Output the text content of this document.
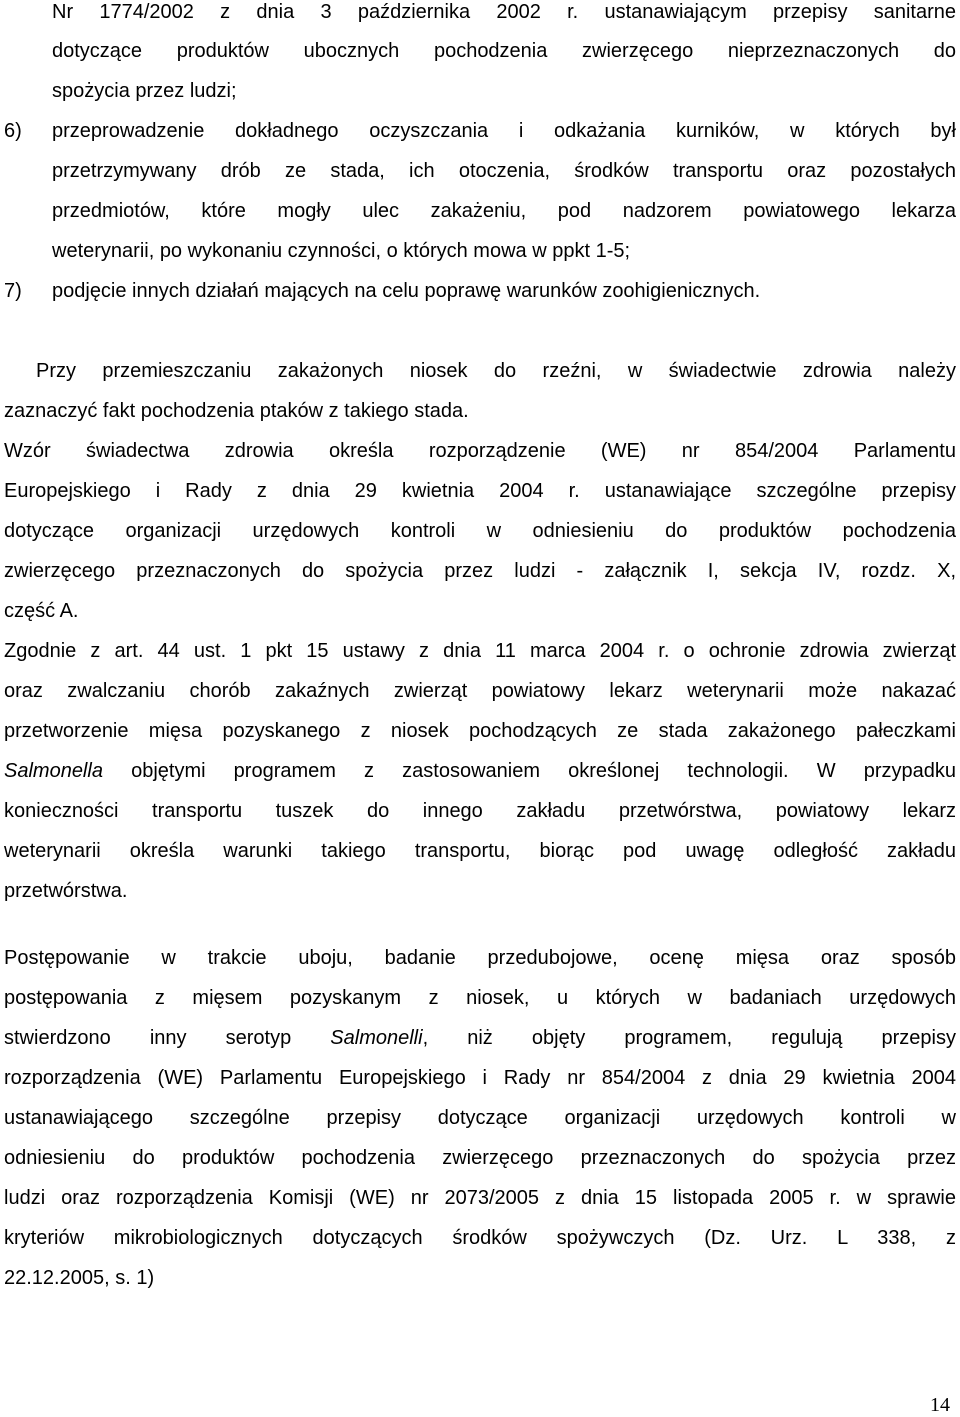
Nr 1774/2002 z dnia 3 października 2002 r. ustanawiającym przepisy sanitarne
dotyczące produktów ubocznych pochodzenia zwierzęcego nieprzeznaczonych do
spożycia przez ludzi;
6) przeprowadzenie dokładnego oczyszczania i odkażania kurników, w których był
przetrzymywany drób ze stada, ich otoczenia, środków transportu oraz pozostałych
przedmiotów, które mogły ulec zakażeniu, pod nadzorem powiatowego lekarza
weterynarii, po wykonaniu czynności, o których mowa w ppkt 1-5;
7) podjęcie innych działań mających na celu poprawę warunków zoohigienicznych.
Przy przemieszczaniu zakażonych niosek do rzeźni, w świadectwie zdrowia należy
zaznaczyć fakt pochodzenia ptaków z takiego stada.
Wzór świadectwa zdrowia określa rozporządzenie (WE) nr 854/2004 Parlamentu
Europejskiego i Rady z dnia 29 kwietnia 2004 r. ustanawiające szczególne przepisy
dotyczące organizacji urzędowych kontroli w odniesieniu do produktów pochodzenia
zwierzęcego przeznaczonych do spożycia przez ludzi - załącznik I, sekcja IV, rozdz. X,
część A.
Zgodnie z art. 44 ust. 1 pkt 15 ustawy z dnia 11 marca 2004 r. o ochronie zdrowia zwierząt
oraz zwalczaniu chorób zakaźnych zwierząt powiatowy lekarz weterynarii może nakazać
przetworzenie mięsa pozyskanego z niosek pochodzących ze stada zakażonego pałeczkami
Salmonella objętymi programem z zastosowaniem określonej technologii. W przypadku
konieczności transportu tuszek do innego zakładu przetwórstwa, powiatowy lekarz
weterynarii określa warunki takiego transportu, biorąc pod uwagę odległość zakładu
przetwórstwa.
Postępowanie w trakcie uboju, badanie przedubojowe, ocenę mięsa oraz sposób
postępowania z mięsem pozyskanym z niosek, u których w badaniach urzędowych
stwierdzono inny serotyp Salmonelli, niż objęty programem, regulują przepisy
rozporządzenia (WE) Parlamentu Europejskiego i Rady nr 854/2004 z dnia 29 kwietnia 2004
ustanawiającego szczególne przepisy dotyczące organizacji urzędowych kontroli w
odniesieniu do produktów pochodzenia zwierzęcego przeznaczonych do spożycia przez
ludzi oraz rozporządzenia Komisji (WE) nr 2073/2005 z dnia 15 listopada 2005 r. w sprawie
kryteriów mikrobiologicznych dotyczących środków spożywczych (Dz. Urz. L 338, z
22.12.2005, s. 1)
14
